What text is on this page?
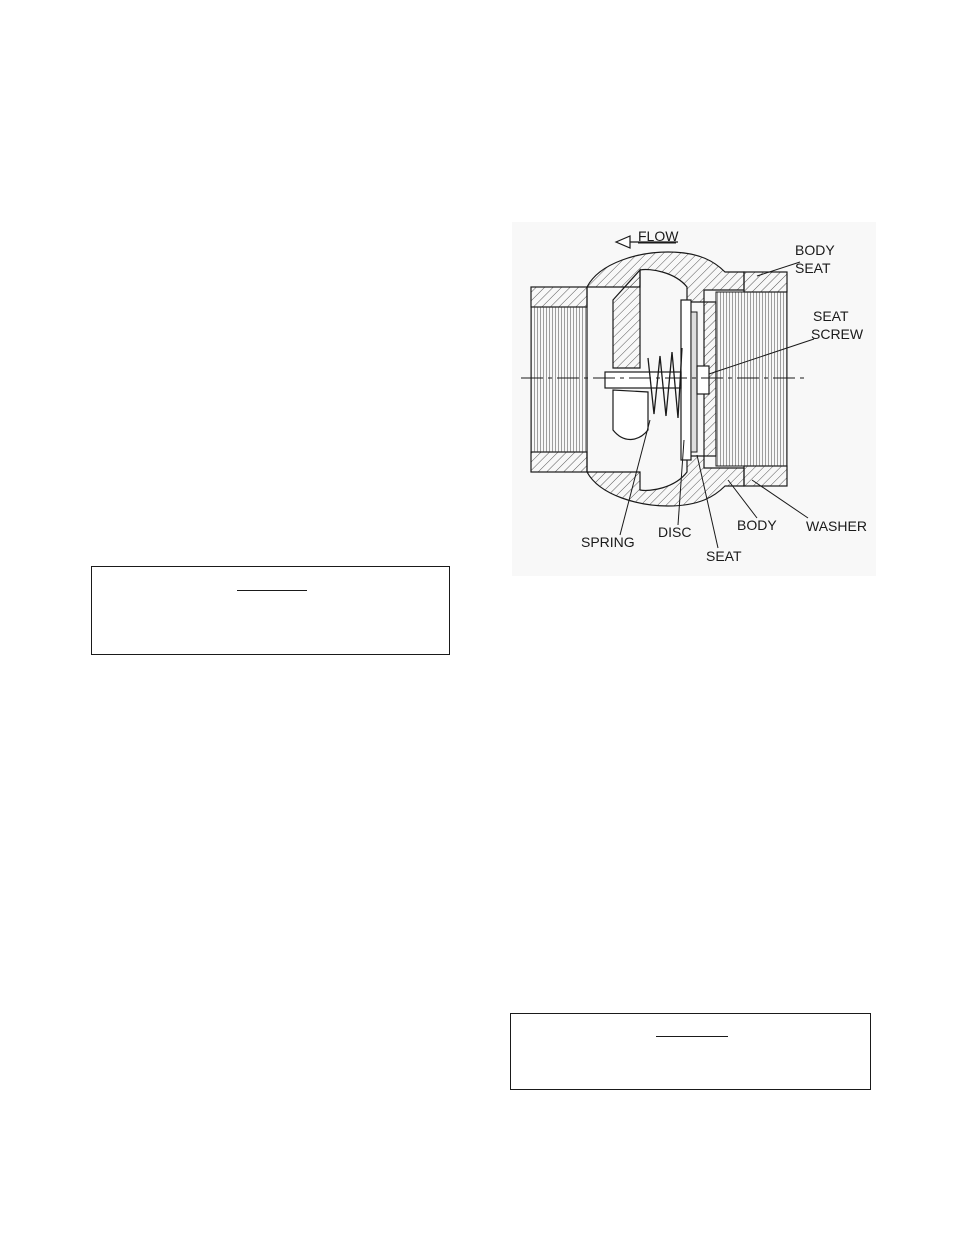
FLOW
BODY
SEAT
SEAT
SCREW
SPRING
DISC
SEAT
BODY WASHER
